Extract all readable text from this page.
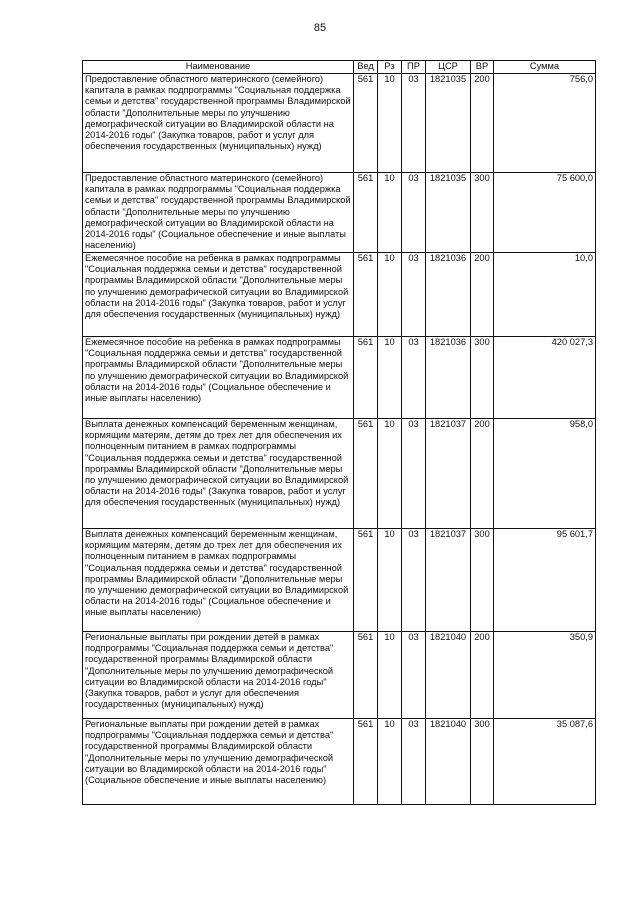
85
Наименование	Вед	Рз	ПР	ЦСР	ВР	Сумма
Предоставление областного материнского (семейного) капитала в рамках подпрограммы "Социальная поддержка семьи и детства" государственной программы Владимирской области "Дополнительные меры по улучшению демографической ситуации во Владимирской области на 2014-2016 годы" (Закупка товаров, работ и услуг для обеспечения государственных (муниципальных) нужд)	561	10	03	1821035	200	756,0
Предоставление областного материнского (семейного) капитала в рамках подпрограммы "Социальная поддержка семьи и детства" государственной программы Владимирской области "Дополнительные меры по улучшению демографической ситуации во Владимирской области на 2014-2016 годы" (Социальное обеспечение и иные выплаты населению)	561	10	03	1821035	300	75 600,0
Ежемесячное пособие на ребенка в рамках подпрограммы "Социальная поддержка семьи и детства" государственной программы Владимирской области "Дополнительные меры по улучшению демографической ситуации во Владимирской области на 2014-2016 годы" (Закупка товаров, работ и услуг для обеспечения государственных (муниципальных) нужд)	561	10	03	1821036	200	10,0
Ежемесячное пособие на ребенка в рамках подпрограммы "Социальная поддержка семьи и детства" государственной программы Владимирской области "Дополнительные меры по улучшению демографической ситуации во Владимирской области на 2014-2016 годы" (Социальное обеспечение и иные выплаты населению)	561	10	03	1821036	300	420 027,3
Выплата денежных компенсаций беременным женщинам, кормящим матерям, детям до трех лет для обеспечения их полноценным питанием в рамках подпрограммы "Социальная поддержка семьи и детства" государственной программы Владимирской области "Дополнительные меры по улучшению демографической ситуации во Владимирской области на 2014-2016 годы" (Закупка товаров, работ и услуг для обеспечения государственных (муниципальных) нужд)	561	10	03	1821037	200	958,0
Выплата денежных компенсаций беременным женщинам, кормящим матерям, детям до трех лет для обеспечения их полноценным питанием в рамках подпрограммы "Социальная поддержка семьи и детства" государственной программы Владимирской области "Дополнительные меры по улучшению демографической ситуации во Владимирской области на 2014-2016 годы" (Социальное обеспечение и иные выплаты населению)	561	10	03	1821037	300	95 601,7
Региональные выплаты при рождении детей в рамках подпрограммы "Социальная поддержка семьи и детства" государственной программы Владимирской области "Дополнительные меры по улучшению демографической ситуации во Владимирской области на 2014-2016 годы" (Закупка товаров, работ и услуг для обеспечения государственных (муниципальных) нужд)	561	10	03	1821040	200	350,9
Региональные выплаты при рождении детей в рамках подпрограммы "Социальная поддержка семьи и детства" государственной программы Владимирской области "Дополнительные меры по улучшению демографической ситуации во Владимирской области на 2014-2016 годы" (Социальное обеспечение и иные выплаты населению)	561	10	03	1821040	300	35 087,6
